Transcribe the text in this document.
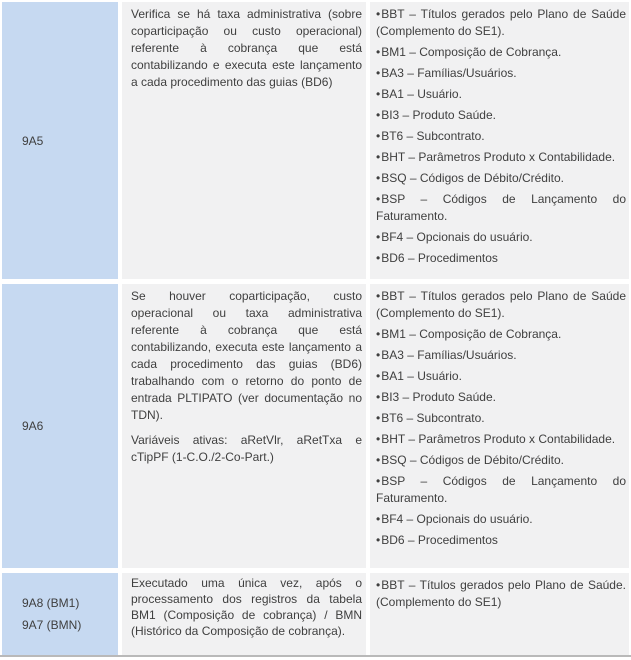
9A5

Verifica se há taxa administrativa (sobre coparticipação ou custo operacional) referente à cobrança que está contabilizando e executa este lançamento a cada procedimento das guias (BD6)

•BBT – Títulos gerados pelo Plano de Saúde (Complemento do SE1).
•BM1 – Composição de Cobrança.
•BA3 – Famílias/Usuários.
•BA1 – Usuário.
•BI3 – Produto Saúde.
•BT6 – Subcontrato.
•BHT – Parâmetros Produto x Contabilidade.
•BSQ – Códigos de Débito/Crédito.
•BSP – Códigos de Lançamento do Faturamento.
•BF4 – Opcionais do usuário.
•BD6 – Procedimentos
9A6

Se houver coparticipação, custo operacional ou taxa administrativa referente à cobrança que está contabilizando, executa este lançamento a cada procedimento das guias (BD6) trabalhando com o retorno do ponto de entrada PLTIPATO (ver documentação no TDN).

Variáveis ativas: aRetVlr, aRetTxa e cTipPF (1-C.O./2-Co-Part.)

•BBT – Títulos gerados pelo Plano de Saúde (Complemento do SE1).
•BM1 – Composição de Cobrança.
•BA3 – Famílias/Usuários.
•BA1 – Usuário.
•BI3 – Produto Saúde.
•BT6 – Subcontrato.
•BHT – Parâmetros Produto x Contabilidade.
•BSQ – Códigos de Débito/Crédito.
•BSP – Códigos de Lançamento do Faturamento.
•BF4 – Opcionais do usuário.
•BD6 – Procedimentos
9A8 (BM1)
9A7 (BMN)

Executado uma única vez, após o processamento dos registros da tabela BM1 (Composição de cobrança) / BMN (Histórico da Composição de cobrança).

•BBT – Títulos gerados pelo Plano de Saúde. (Complemento do SE1)
